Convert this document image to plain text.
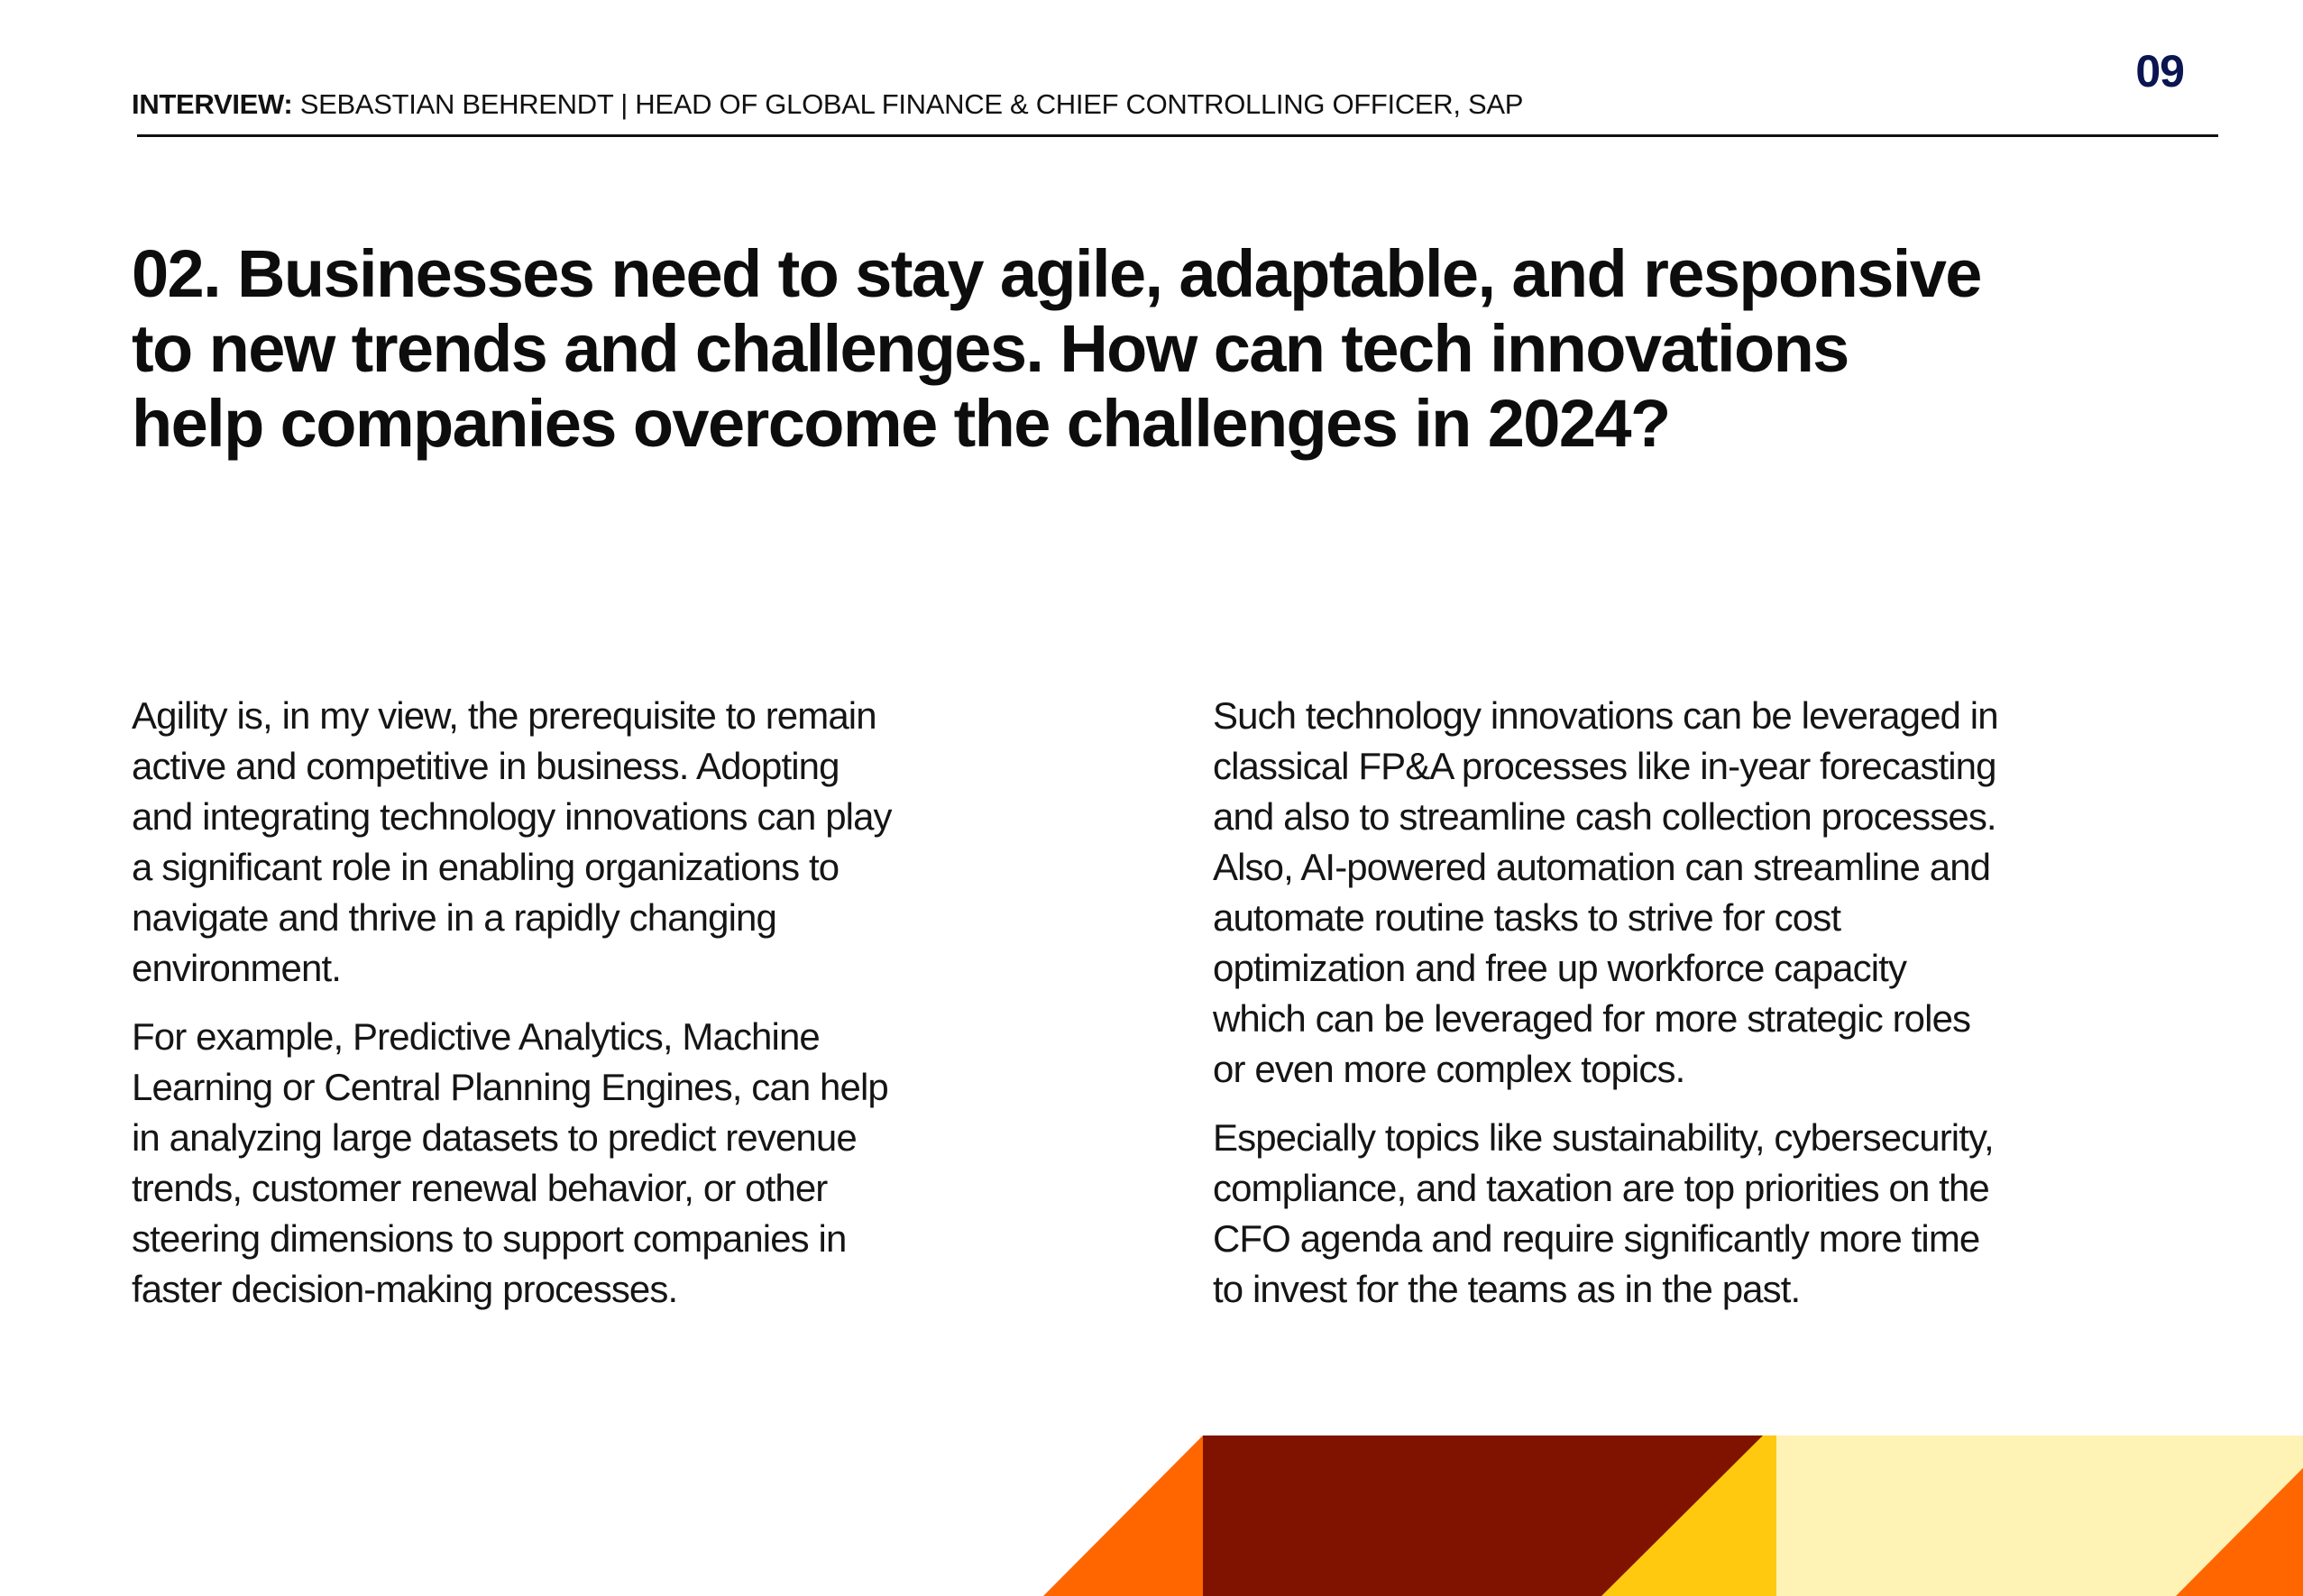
INTERVIEW: SEBASTIAN BEHRENDT | HEAD OF GLOBAL FINANCE & CHIEF CONTROLLING OFFICER, SAP
09
02. Businesses need to stay agile, adaptable, and responsive
to new trends and challenges. How can tech innovations
help companies overcome the challenges in 2024?

Agility is, in my view, the prerequisite to remain
active and competitive in business. Adopting
and integrating technology innovations can play
a significant role in enabling organizations to
navigate and thrive in a rapidly changing
environment.

For example, Predictive Analytics, Machine
Learning or Central Planning Engines, can help
in analyzing large datasets to predict revenue
trends, customer renewal behavior, or other
steering dimensions to support companies in
faster decision-making processes.

Such technology innovations can be leveraged in
classical FP&A processes like in-year forecasting
and also to streamline cash collection processes.
Also, AI-powered automation can streamline and
automate routine tasks to strive for cost
optimization and free up workforce capacity
which can be leveraged for more strategic roles
or even more complex topics.

Especially topics like sustainability, cybersecurity,
compliance, and taxation are top priorities on the
CFO agenda and require significantly more time
to invest for the teams as in the past.
